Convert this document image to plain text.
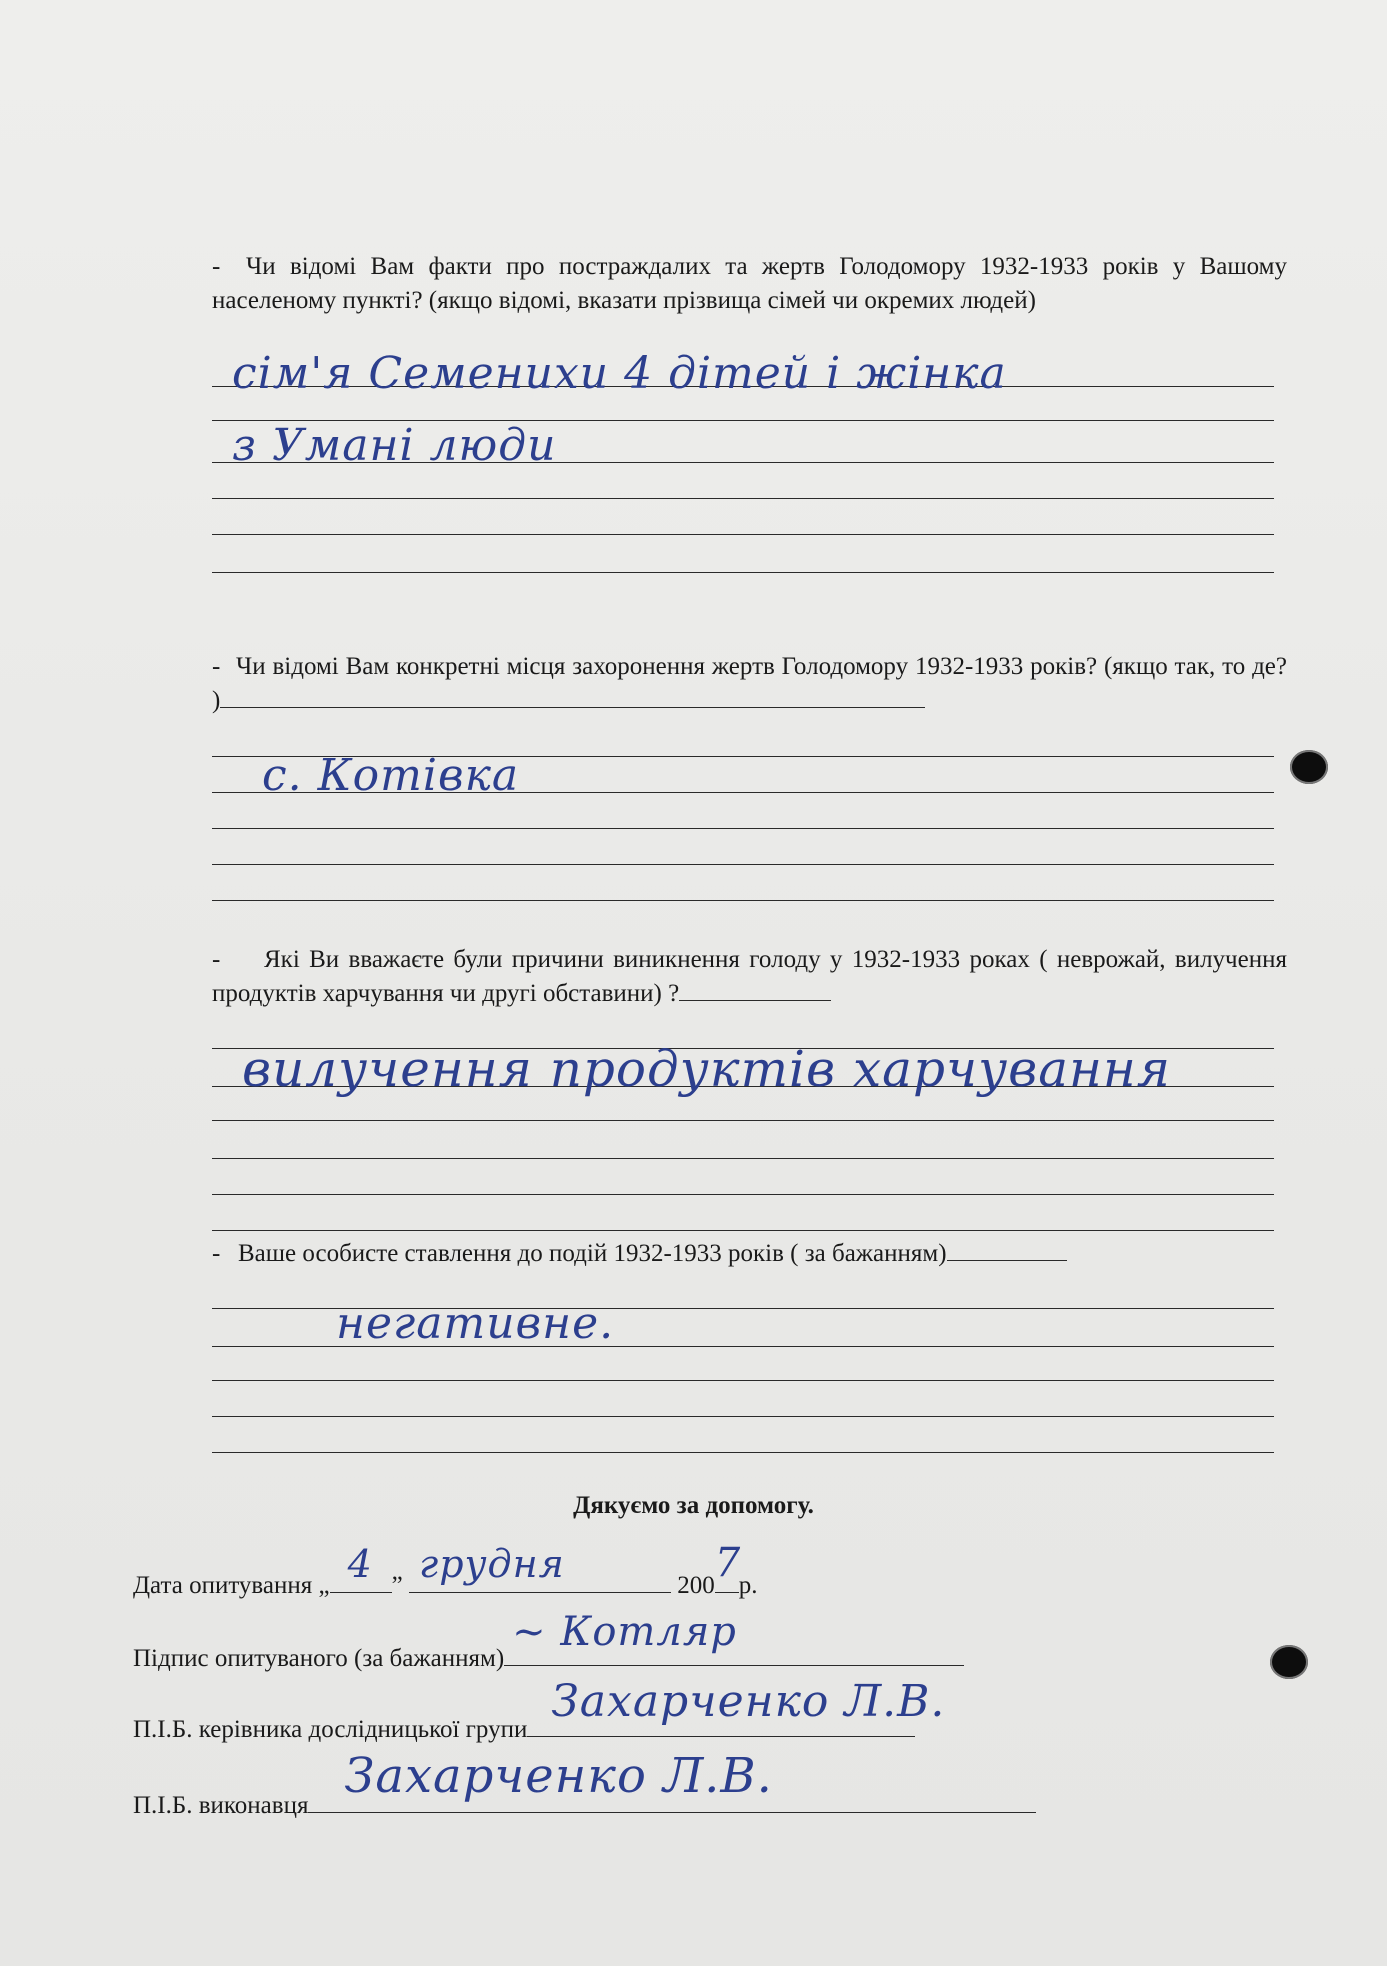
- Чи відомі Вам факти про постраждалих та жертв Голодомору 1932-1933 років у Вашому населеному пункті? (якщо відомі, вказати прізвища сімей чи окремих людей)

сім'я Семенихи 4 дітей і жінка
з Умані люди

- Чи відомі Вам конкретні місця захоронення жертв Голодомору 1932-1933 років? (якщо так, то де? )

с. Котівка

- Які Ви вважаєте були причини виникнення голоду у 1932-1933 роках ( неврожай, вилучення продуктів харчування чи другі обставини) ?

вилучення продуктів харчування

- Ваше особисте ставлення до подій 1932-1933 років ( за бажанням)

негативне.
Дякуємо за допомогу.
Дата опитування „ 4 ” грудня	200 7
р.
Підпис опитуваного (за бажанням)
~ Котляр
П.І.Б. керівника дослідницької групи
Захарченко Л.В.
П.І.Б. виконавця
Захарченко Л.В.
